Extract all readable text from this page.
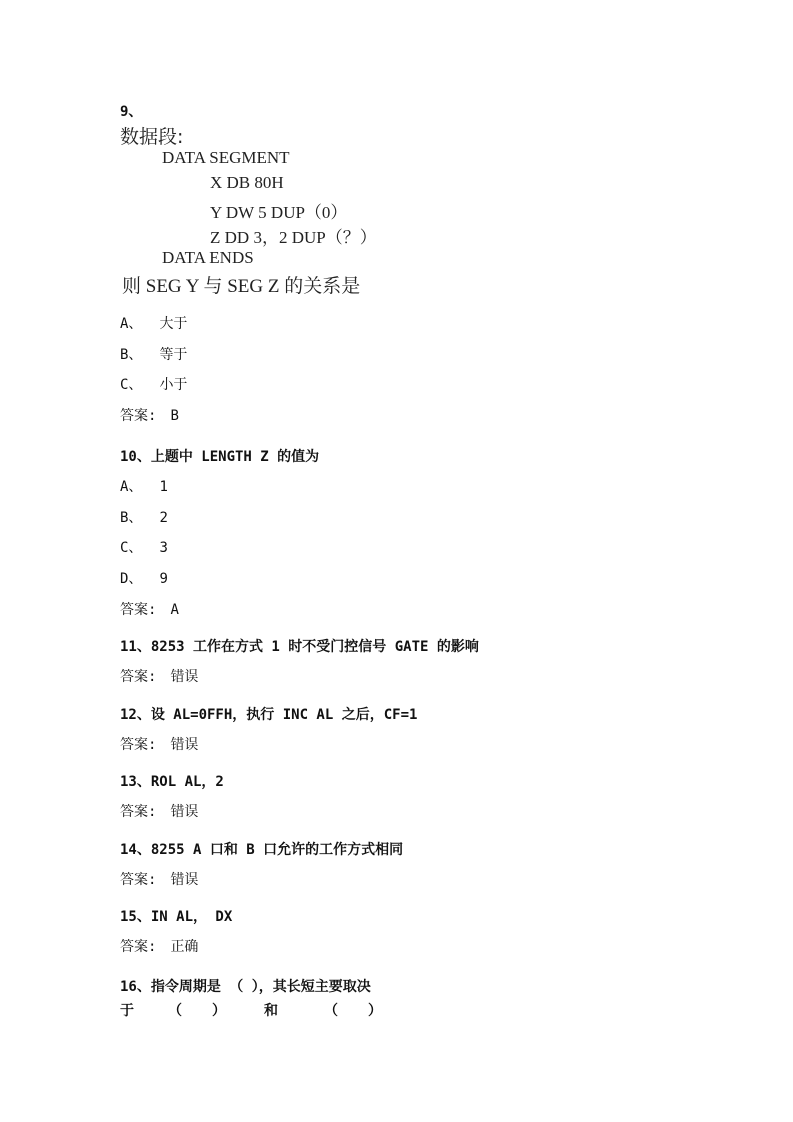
9、
数据段:
DATA SEGMENT
X DB 80H
Y DW 5 DUP（0）
Z DD 3，2 DUP（？）
DATA ENDS
则 SEG Y 与 SEG Z 的关系是
A、 大于
B、 等于
C、 小于
答案: B
10、上题中 LENGTH Z 的值为
A、 1
B、 2
C、 3
D、 9
答案: A
11、8253 工作在方式 1 时不受门控信号 GATE 的影响
答案: 错误
12、设 AL=0FFH，执行 INC AL 之后，CF=1
答案: 错误
13、ROL AL，2
答案: 错误
14、8255 A 口和 B 口允许的工作方式相同
答案: 错误
15、IN AL， DX
答案: 正确
16、指令周期是 （ ），其长短主要取决
于 （ ）	和	（ ）
